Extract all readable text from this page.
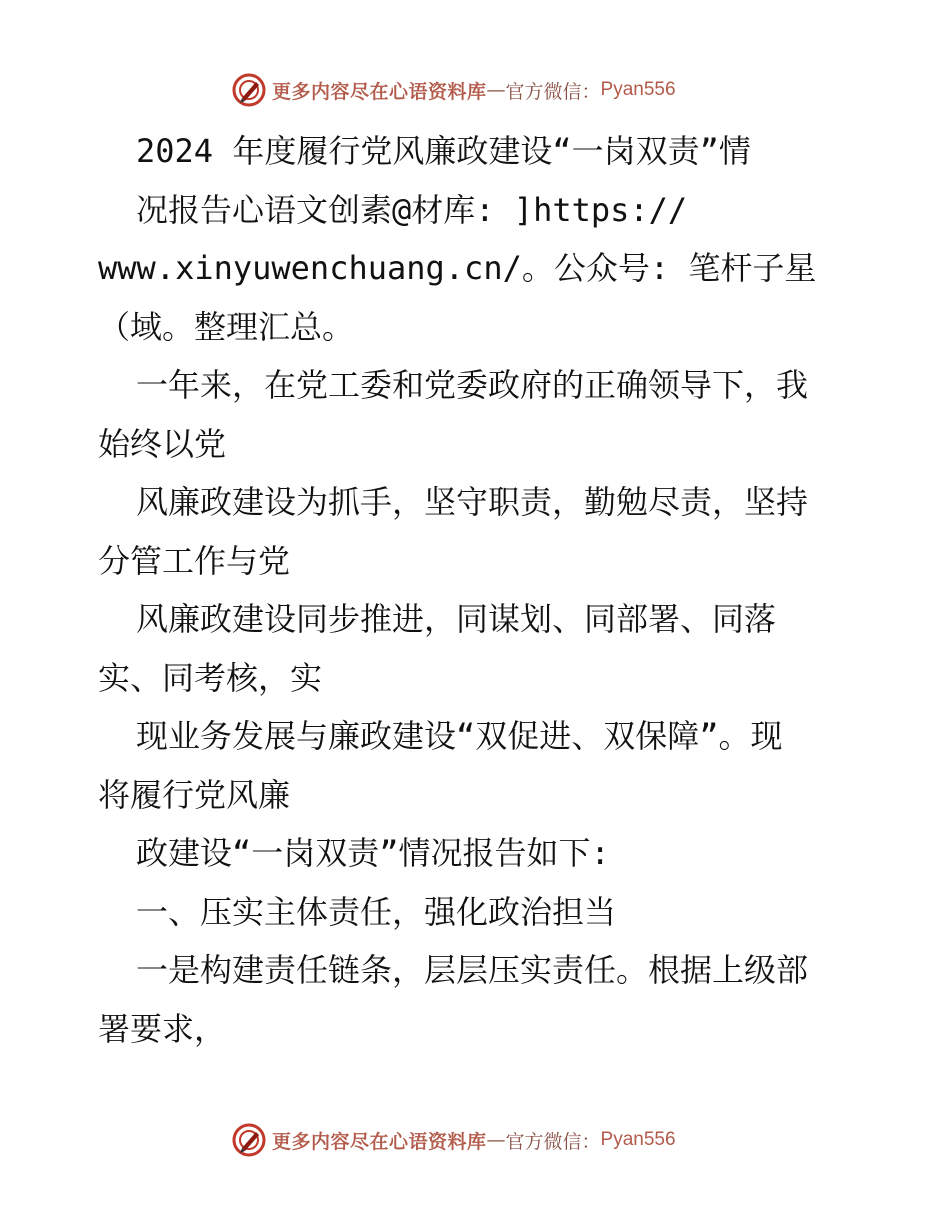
更多内容尽在心语资料库 — 官方微信： Pyan556
2024 年度履行党风廉政建设“一岗双责”情
况报告心语文创素@材库: ]https://
www.xinyuwenchuang.cn/。公众号: 笔杆子星
（域。整理汇总。
一年来，在党工委和党委政府的正确领导下，我
始终以党
风廉政建设为抓手，坚守职责，勤勉尽责，坚持
分管工作与党
风廉政建设同步推进，同谋划、同部署、同落
实、同考核，实
现业务发展与廉政建设“双促进、双保障”。现
将履行党风廉
政建设“一岗双责”情况报告如下:
一、压实主体责任，强化政治担当
一是构建责任链条，层层压实责任。根据上级部
署要求，
更多内容尽在心语资料库 — 官方微信： Pyan556
